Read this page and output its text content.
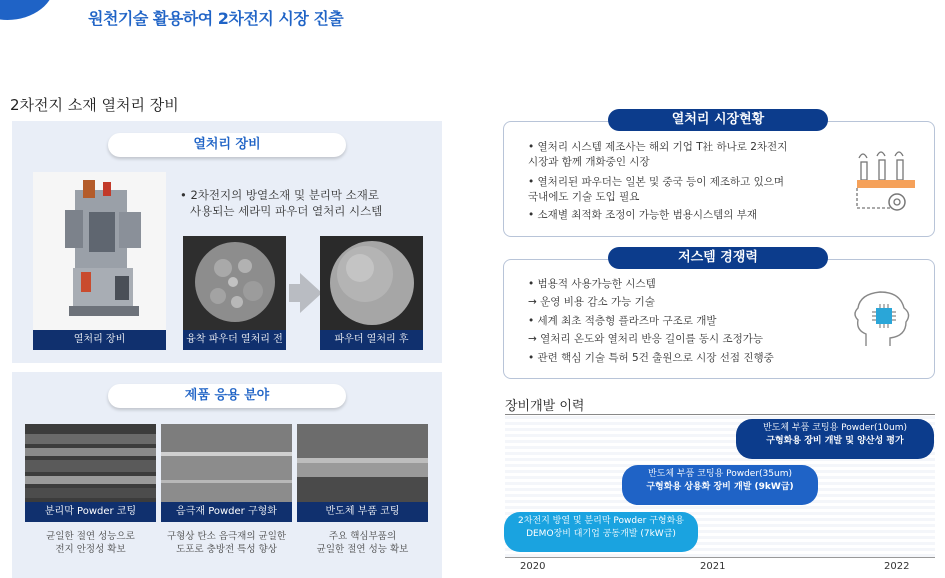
원천기술 활용하여 2차전지 시장 진출
2차전지 소재 열처리 장비
열처리 장비
열처리 장비
• 2차전지의 방열소재 및 분리막 소재로
사용되는 세라믹 파우더 열처리 시스템
융착 파우더 열처리 전	파우더 열처리 후
제품 응용 분야
분리막 Powder 코팅
균일한 절연 성능으로
전지 안정성 확보
음극재 Powder 구형화
구형상 탄소 음극재의 균일한
도포로 충방전 특성 향상
반도체 부품 코팅
주요 핵심부품의
균일한 절연 성능 확보
열처리 시장현황
• 열처리 시스템 제조사는 해외 기업 T社 하나로 2차전지
시장과 함께 개화중인 시장
• 열처리된 파우더는 일본 및 중국 등이 제조하고 있으며
국내에도 기술 도입 필요
• 소재별 최적화 조정이 가능한 범용시스템의 부재
저스템 경쟁력
• 범용적 사용가능한 시스템
→ 운영 비용 감소 가능 기술
• 세계 최초 적층형 플라즈마 구조로 개발
→ 열처리 온도와 열처리 반응 길이를 동시 조정가능
• 관련 핵심 기술 특허 5건 출원으로 시장 선점 진행중
장비개발 이력
반도체 부품 코팅용 Powder(10um)
구형화용 장비 개발 및 양산성 평가
반도체 부품 코팅용 Powder(35um)
구형화용 상용화 장비 개발 (9kW급)
2차전지 방열 및 분리막 Powder 구형화용
DEMO장비 대기업 공동개발 (7kW급)
2020	2021	2022
